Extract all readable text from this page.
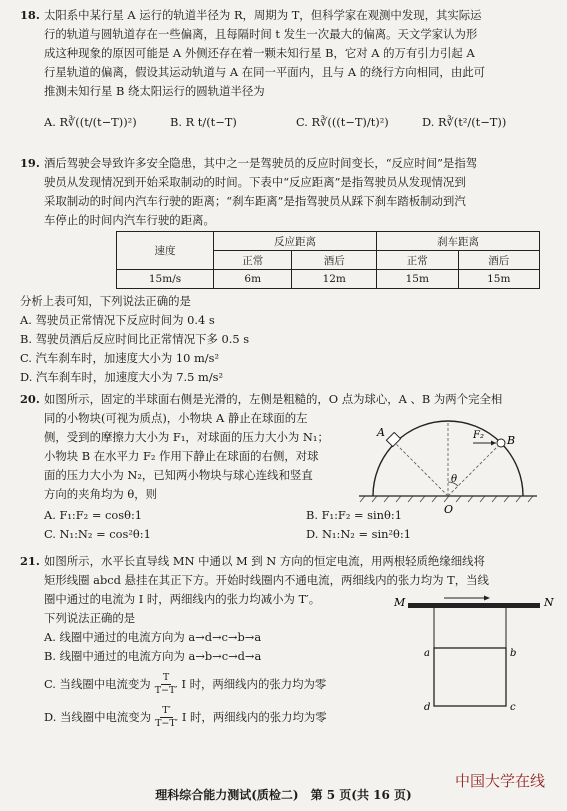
18. 太阳系中某行星 A 运行的轨道半径为 R，周期为 T，但科学家在观测中发现，其实际运

行的轨道与圆轨道存在一些偏离，且每隔时间 t 发生一次最大的偏离。天文学家认为形

成这种现象的原因可能是 A 外侧还存在着一颗未知行星 B，它对 A 的万有引力引起 A

行星轨道的偏离，假设其运动轨道与 A 在同一平面内，且与 A 的绕行方向相同，由此可

推测未知行星 B 绕太阳运行的圆轨道半径为

A. R∛((t/(t−T))²)	B. R t/(t−T)	C. R∛(((t−T)/t)²)	D. R∛(t²/(t−T))

19. 酒后驾驶会导致许多安全隐患，其中之一是驾驶员的反应时间变长，“反应时间”是指驾

驶员从发现情况到开始采取制动的时间。下表中“反应距离”是指驾驶员从发现情况到

采取制动的时间内汽车行驶的距离；“刹车距离”是指驾驶员从踩下刹车踏板制动到汽

车停止的时间内汽车行驶的距离。

速度	反应距离		刹车距离	
	正常	酒后	正常	酒后
15m/s	6m	12m	15m	15m

分析上表可知，下列说法正确的是

A. 驾驶员正常情况下反应时间为 0.4 s

B. 驾驶员酒后反应时间比正常情况下多 0.5 s

C. 汽车刹车时，加速度大小为 10 m/s²

D. 汽车刹车时，加速度大小为 7.5 m/s²

20. 如图所示，固定的半球面右侧是光滑的，左侧是粗糙的，O 点为球心，A 、B 为两个完全相

同的小物块(可视为质点)，小物块 A 静止在球面的左

侧，受到的摩擦力大小为 F₁，对球面的压力大小为 N₁；

小物块 B 在水平力 F₂ 作用下静止在球面的右侧，对球

面的压力大小为 N₂，已知两小物块与球心连线和竖直

方向的夹角均为 θ，则

A. F₁:F₂ = cosθ:1	B. F₁:F₂ = sinθ:1

C. N₁:N₂ = cos²θ:1	D. N₁:N₂ = sin²θ:1

A
B
F₂
θ
O

21. 如图所示，水平长直导线 MN 中通以 M 到 N 方向的恒定电流，用两根轻质绝缘细线将

矩形线圈 abcd 悬挂在其正下方。开始时线圈内不通电流，两细线内的张力均为 T，当线

圈中通过的电流为 I 时，两细线内的张力均减小为 T′。

下列说法正确的是

A. 线圈中通过的电流方向为 a→d→c→b→a

B. 线圈中通过的电流方向为 a→b→c→d→a

C. 当线圈中电流变为 T
T−T′ I 时，两细线内的张力均为零
D. 当线圈中电流变为 T′
T−T′ I 时，两细线内的张力均为零
M	N
a	b
c
d
理科综合能力测试(质检二)　第 5 页(共 16 页)
中国大学在线
